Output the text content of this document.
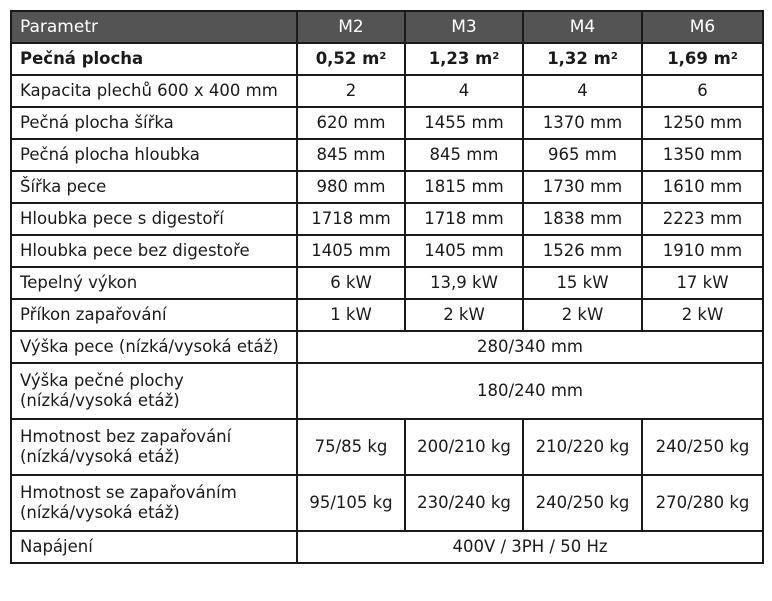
Parametr	M2	M3	M4	M6
Pečná plocha	0,52 $m^2$	1,23 $m^2$	1,32 $m^2$	1,69 $m^2$
Kapacita plechů 600 x 400 mm	2	4	4	6
Pečná plocha šířka	620 mm	1455 mm	1370 mm	1250 mm
Pečná plocha hloubka	845 mm	845 mm	965 mm	1350 mm
Šířka pece	980 mm	1815 mm	1730 mm	1610 mm
Hloubka pece s digestoří	1718 mm	1718 mm	1838 mm	2223 mm
Hloubka pece bez digestoře	1405 mm	1405 mm	1526 mm	1910 mm
Tepelný výkon	6 kW	13,9 kW	15 kW	17 kW
Příkon zapařování	1 kW	2 kW	2 kW	2 kW
Výška pece (nízká/vysoká etáž)	280/340 mm			

Výška pečné plochy
(nízká/vysoká etáž)	180/240 mm			

Hmotnost bez zapařování
(nízká/vysoká etáž)	75/85 kg	200/210 kg	210/220 kg	240/250 kg

Hmotnost se zapařováním
(nízká/vysoká etáž)	95/105 kg	230/240 kg	240/250 kg	270/280 kg
Napájení	400V / 3PH / 50 Hz			
